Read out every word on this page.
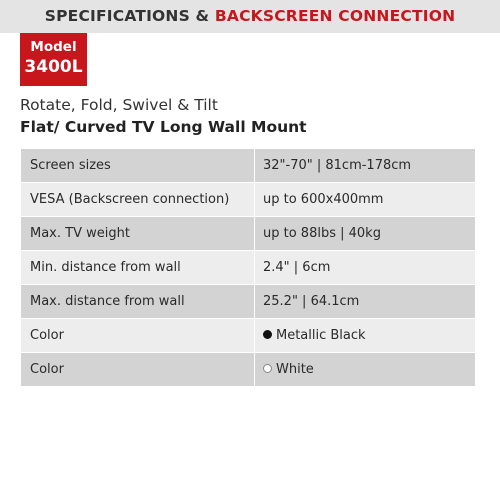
SPECIFICATIONS & BACKSCREEN CONNECTION
Model
3400L
Rotate, Fold, Swivel & Tilt
Flat/ Curved TV Long Wall Mount
Screen sizes	32"-70" | 81cm-178cm
VESA (Backscreen connection)	up to 600x400mm
Max. TV weight	up to 88lbs | 40kg
Min. distance from wall	2.4" | 6cm
Max. distance from wall	25.2" | 64.1cm
Color	Metallic Black
Color	White
